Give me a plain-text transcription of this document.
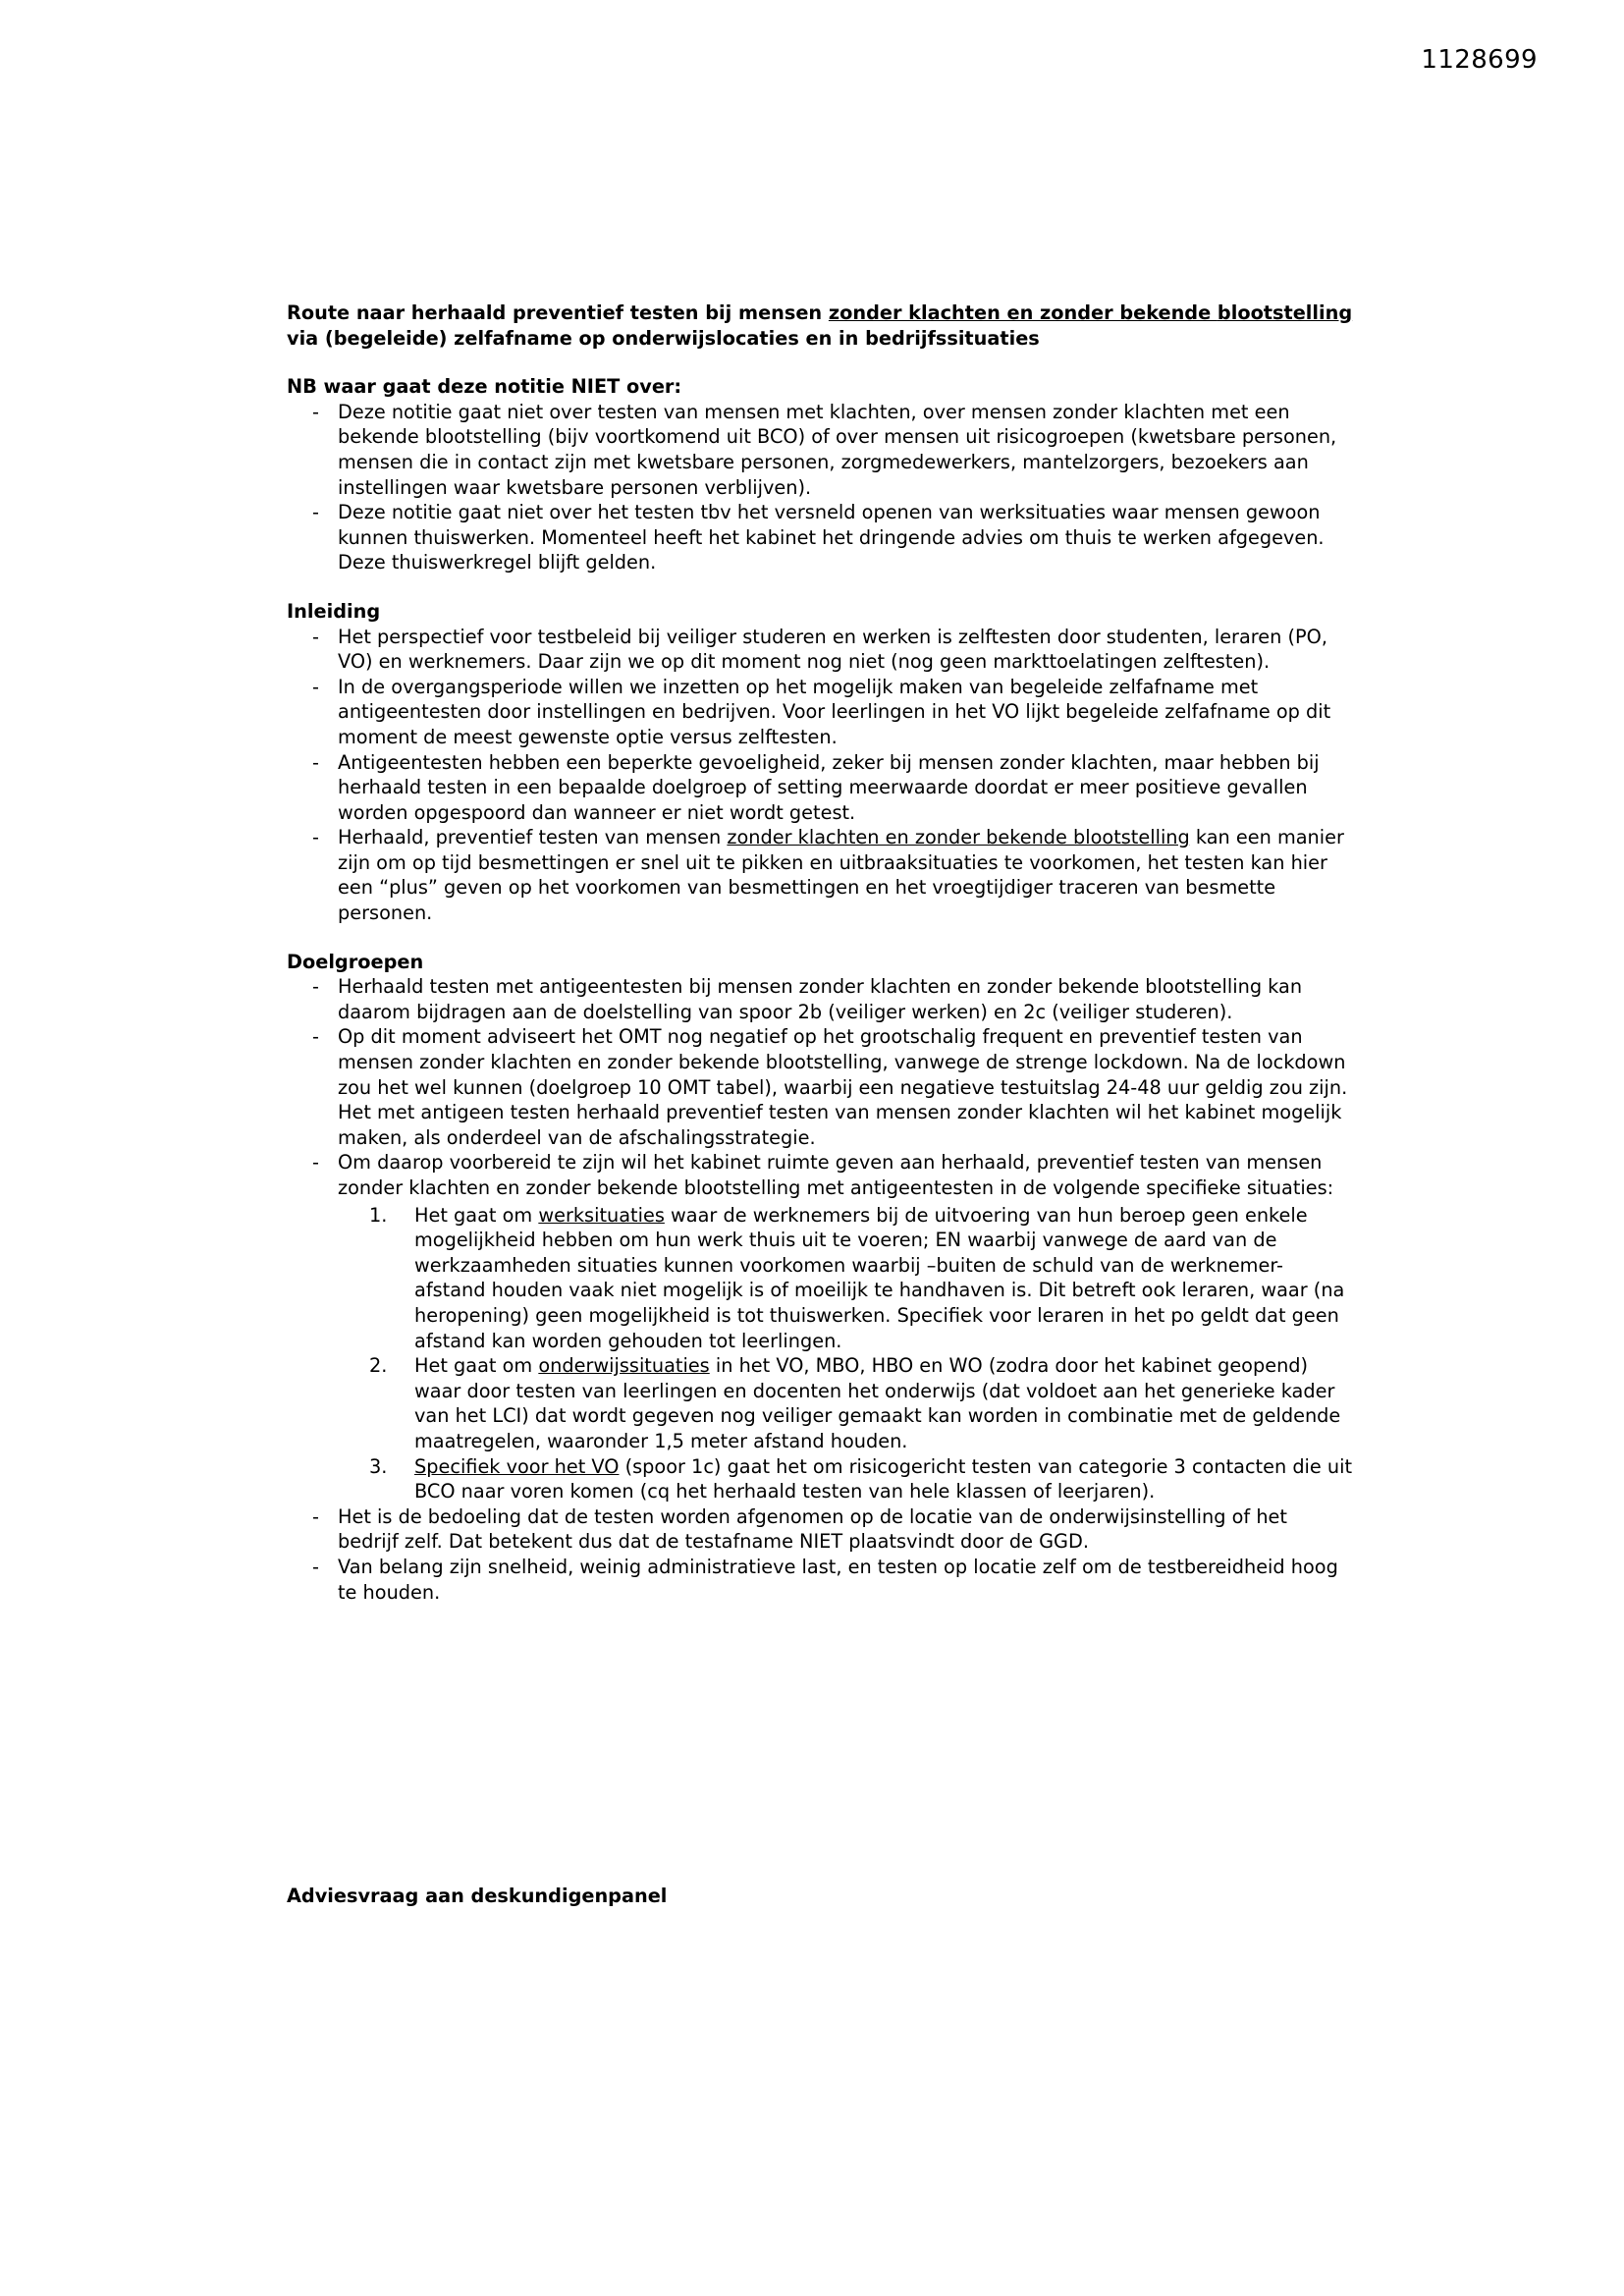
1128699

Route naar herhaald preventief testen bij mensen zonder klachten en zonder bekende blootstelling via (begeleide) zelfafname op onderwijslocaties en in bedrijfssituaties

NB waar gaat deze notitie NIET over:

- Deze notitie gaat niet over testen van mensen met klachten, over mensen zonder klachten met een bekende blootstelling (bijv voortkomend uit BCO) of over mensen uit risicogroepen (kwetsbare personen, mensen die in contact zijn met kwetsbare personen, zorgmedewerkers, mantelzorgers, bezoekers aan instellingen waar kwetsbare personen verblijven).
- Deze notitie gaat niet over het testen tbv het versneld openen van werksituaties waar mensen gewoon kunnen thuiswerken. Momenteel heeft het kabinet het dringende advies om thuis te werken afgegeven. Deze thuiswerkregel blijft gelden.

Inleiding

- Het perspectief voor testbeleid bij veiliger studeren en werken is zelftesten door studenten, leraren (PO, VO) en werknemers. Daar zijn we op dit moment nog niet (nog geen markttoelatingen zelftesten).
- In de overgangsperiode willen we inzetten op het mogelijk maken van begeleide zelfafname met antigeentesten door instellingen en bedrijven. Voor leerlingen in het VO lijkt begeleide zelfafname op dit moment de meest gewenste optie versus zelftesten.
- Antigeentesten hebben een beperkte gevoeligheid, zeker bij mensen zonder klachten, maar hebben bij herhaald testen in een bepaalde doelgroep of setting meerwaarde doordat er meer positieve gevallen worden opgespoord dan wanneer er niet wordt getest.
- Herhaald, preventief testen van mensen zonder klachten en zonder bekende blootstelling kan een manier zijn om op tijd besmettingen er snel uit te pikken en uitbraaksituaties te voorkomen, het testen kan hier een “plus” geven op het voorkomen van besmettingen en het vroegtijdiger traceren van besmette personen.

Doelgroepen

- Herhaald testen met antigeentesten bij mensen zonder klachten en zonder bekende blootstelling kan daarom bijdragen aan de doelstelling van spoor 2b (veiliger werken) en 2c (veiliger studeren).
- Op dit moment adviseert het OMT nog negatief op het grootschalig frequent en preventief testen van mensen zonder klachten en zonder bekende blootstelling, vanwege de strenge lockdown. Na de lockdown zou het wel kunnen (doelgroep 10 OMT tabel), waarbij een negatieve testuitslag 24-48 uur geldig zou zijn. Het met antigeen testen herhaald preventief testen van mensen zonder klachten wil het kabinet mogelijk maken, als onderdeel van de afschalingsstrategie.
- Om daarop voorbereid te zijn wil het kabinet ruimte geven aan herhaald, preventief testen van mensen zonder klachten en zonder bekende blootstelling met antigeentesten in de volgende specifieke situaties:
1.	Het gaat om werksituaties waar de werknemers bij de uitvoering van hun beroep geen enkele mogelijkheid hebben om hun werk thuis uit te voeren; EN waarbij vanwege de aard van de werkzaamheden situaties kunnen voorkomen waarbij –buiten de schuld van de werknemer- afstand houden vaak niet mogelijk is of moeilijk te handhaven is. Dit betreft ook leraren, waar (na heropening) geen mogelijkheid is tot thuiswerken. Specifiek voor leraren in het po geldt dat geen afstand kan worden gehouden tot leerlingen.
2.	Het gaat om onderwijssituaties in het VO, MBO, HBO en WO (zodra door het kabinet geopend) waar door testen van leerlingen en docenten het onderwijs (dat voldoet aan het generieke kader van het LCI) dat wordt gegeven nog veiliger gemaakt kan worden in combinatie met de geldende maatregelen, waaronder 1,5 meter afstand houden.
3.	Specifiek voor het VO (spoor 1c) gaat het om risicogericht testen van categorie 3 contacten die uit BCO naar voren komen (cq het herhaald testen van hele klassen of leerjaren).
- Het is de bedoeling dat de testen worden afgenomen op de locatie van de onderwijsinstelling of het bedrijf zelf. Dat betekent dus dat de testafname NIET plaatsvindt door de GGD.
- Van belang zijn snelheid, weinig administratieve last, en testen op locatie zelf om de testbereidheid hoog te houden.
Adviesvraag aan deskundigenpanel
